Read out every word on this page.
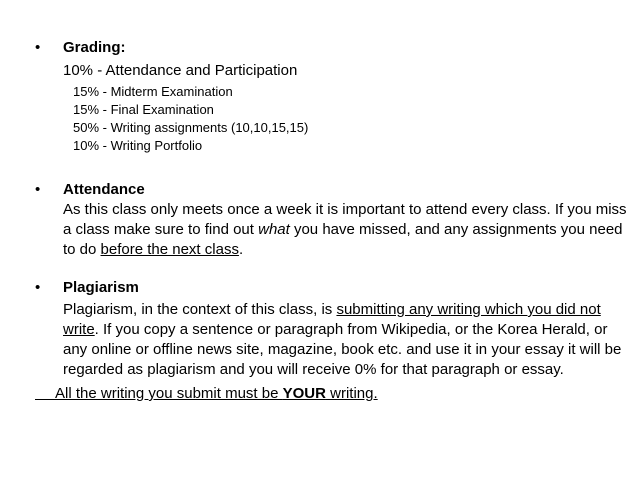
•	Grading:
10% - Attendance and Participation
15% - Midterm Examination
15% - Final Examination
50% - Writing assignments (10,10,15,15)
10% - Writing Portfolio
•	Attendance
As this class only meets once a week it is important to attend every class. If you miss a class make sure to find out what you have missed, and any assignments you need to do before the next class.
•	Plagiarism
Plagiarism, in the context of this class, is submitting any writing which you did not write. If you copy a sentence or paragraph from Wikipedia, or the Korea Herald, or any online or offline news site, magazine, book etc. and use it in your essay it will be regarded as plagiarism and you will receive 0% for that paragraph or essay.
All the writing you submit must be YOUR writing.
